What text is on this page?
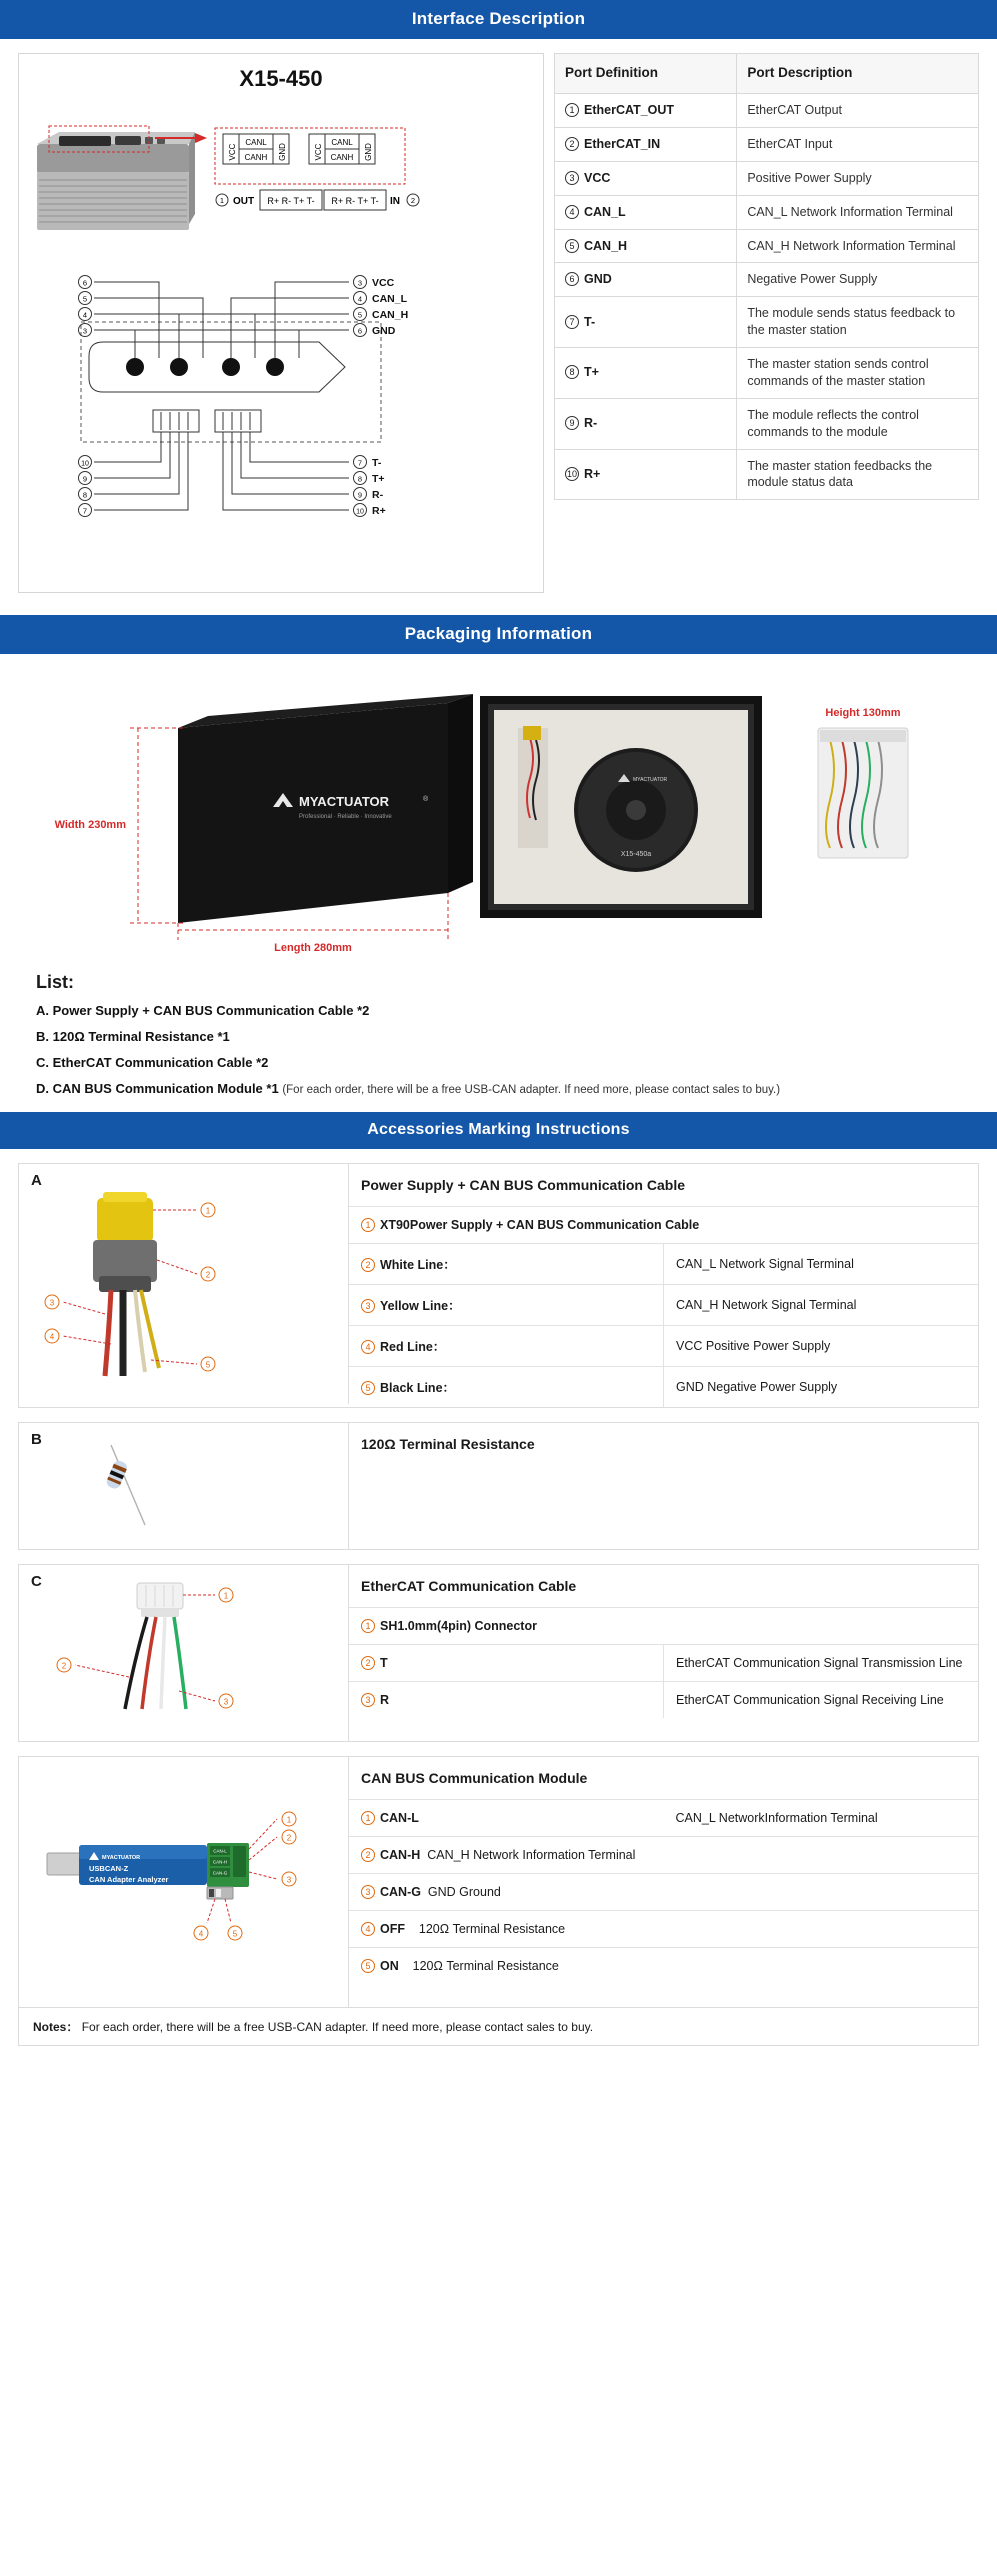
Interface Description
X15-450
VCC
CANL
CANH GND	VCC
CANL
CANH GND
1 OUT R+ R- T+ T- R+ R- T+ T- IN 2
3 VCC
4 CAN_L
5 CAN_H
6 GND
6
5
4
3
7 T-
8 T+
9 R-
10 R+
10
9
8
7
Port Definition	Port Description
1 EtherCAT_OUT	EtherCAT Output
2 EtherCAT_IN	EtherCAT Input
3 VCC	Positive Power Supply
4 CAN_L	CAN_L Network Information Terminal
5 CAN_H	CAN_H Network Information Terminal
6 GND	Negative Power Supply
7 T-	The module sends status feedback to the master station
8 T+	The master station sends control commands of the master station
9 R-	The module reflects the control commands to the module
10 R+	The master station feedbacks the module status data
Packaging Information
MYACTUATOR
Professional · Reliable · Innovative
®
Width 230mm
Length 280mm
X15-450a
MYACTUATOR
Height 130mm
List:
A. Power Supply + CAN BUS Communication Cable *2
B. 120Ω Terminal Resistance *1
C. EtherCAT Communication Cable *2
D. CAN BUS Communication Module *1 (For each order, there will be a free USB-CAN adapter. If need more, please contact sales to buy.)
Accessories Marking Instructions
A
1
2
3
4
5
Power Supply + CAN BUS Communication Cable	
1 XT90Power Supply + CAN BUS Communication Cable	
2 White Line：	CAN_L Network Signal Terminal
3 Yellow Line：	CAN_H Network Signal Terminal
4 Red Line：	VCC Positive Power Supply
5 Black Line：	GND Negative Power Supply
B	120Ω Terminal Resistance
C
1
2
3
EtherCAT Communication Cable	
1 SH1.0mm(4pin) Connector	
2 T	EtherCAT Communication Signal Transmission Line
3 R	EtherCAT Communication Signal Receiving Line
MYACTUATOR
USBCAN-Z
CAN Adapter Analyzer
CAN-L
CAN-H
CAN-G
1
2
3
4	5
CAN BUS Communication Module
1 CAN-L	CAN_L NetworkInformation Terminal
2 CAN-H CAN_H Network Information Terminal
3 CAN-G GND Ground
4 OFF 120Ω Terminal Resistance
5 ON 120Ω Terminal Resistance
Notes： For each order, there will be a free USB-CAN adapter. If need more, please contact sales to buy.
